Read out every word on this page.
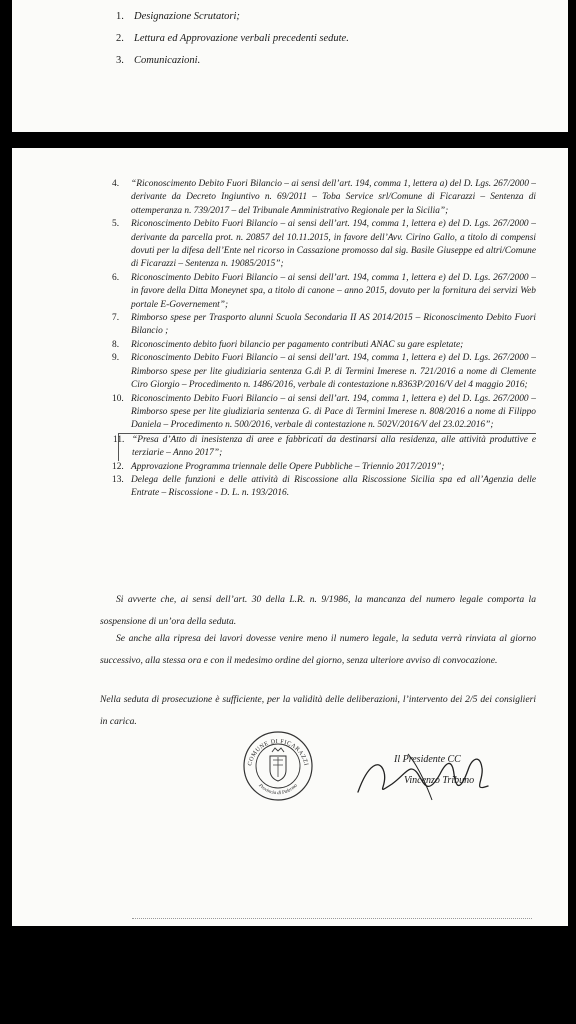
1. Designazione Scrutatori;
2. Lettura ed Approvazione verbali precedenti sedute.
3. Comunicazioni.
4. “Riconoscimento Debito Fuori Bilancio – ai sensi dell’art. 194, comma 1, lettera a) del D. Lgs. 267/2000 – derivante da Decreto Ingiuntivo n. 69/2011 – Toba Service srl/Comune di Ficarazzi – Sentenza di ottemperanza n. 739/2017 – del Tribunale Amministrativo Regionale per la Sicilia”;
5. Riconoscimento Debito Fuori Bilancio – ai sensi dell’art. 194, comma 1, lettera e) del D. Lgs. 267/2000 – derivante da parcella prot. n. 20857 del 10.11.2015, in favore dell’Avv. Cirino Gallo, a titolo di compensi dovuti per la difesa dell’Ente nel ricorso in Cassazione promosso dal sig. Basile Giuseppe ed altri/Comune di Ficarazzi – Sentenza n. 19085/2015”;
6. Riconoscimento Debito Fuori Bilancio – ai sensi dell’art. 194, comma 1, lettera e) del D. Lgs. 267/2000 – in favore della Ditta Moneynet spa, a titolo di canone – anno 2015, dovuto per la fornitura dei servizi Web portale E-Governement”;
7. Rimborso spese per Trasporto alunni Scuola Secondaria II AS 2014/2015 – Riconoscimento Debito Fuori Bilancio ;
8. Riconoscimento debito fuori bilancio per pagamento contributi ANAC su gare espletate;
9. Riconoscimento Debito Fuori Bilancio – ai sensi dell’art. 194, comma 1, lettera e) del D. Lgs. 267/2000 – Rimborso spese per lite giudiziaria sentenza G.di P. di Termini Imerese n. 721/2016 a nome di Clemente Ciro Giorgio – Procedimento n. 1486/2016, verbale di contestazione n.8363P/2016/V del 4 maggio 2016;
10. Riconoscimento Debito Fuori Bilancio – ai sensi dell’art. 194, comma 1, lettera e) del D. Lgs. 267/2000 – Rimborso spese per lite giudiziaria sentenza G. di Pace di Termini Imerese n. 808/2016 a nome di Filippo Daniela – Procedimento n. 500/2016, verbale di contestazione n. 502V/2016/V del 23.02.2016”;
11. “Presa d’Atto di inesistenza di aree e fabbricati da destinarsi alla residenza, alle attività produttive e terziarie – Anno 2017”;
12. Approvazione Programma triennale delle Opere Pubbliche – Triennio 2017/2019”;
13. Delega delle funzioni e delle attività di Riscossione alla Riscossione Sicilia spa ed all’Agenzia delle Entrate – Riscossione - D. L. n. 193/2016.

Si avverte che, ai sensi dell’art. 30 della L.R. n. 9/1986, la mancanza del numero legale comporta la sospensione di un’ora della seduta.

Se anche alla ripresa dei lavori dovesse venire meno il numero legale, la seduta verrà rinviata al giorno successivo, alla stessa ora e con il medesimo ordine del giorno, senza ulteriore avviso di convocazione.

Nella seduta di prosecuzione è sufficiente, per la validità delle deliberazioni, l’intervento dei 2/5 dei consiglieri in carica.

COMUNE DI FICARAZZI
Provincia di Palermo
Il Presidente CC
Vincenzo Tribuno
